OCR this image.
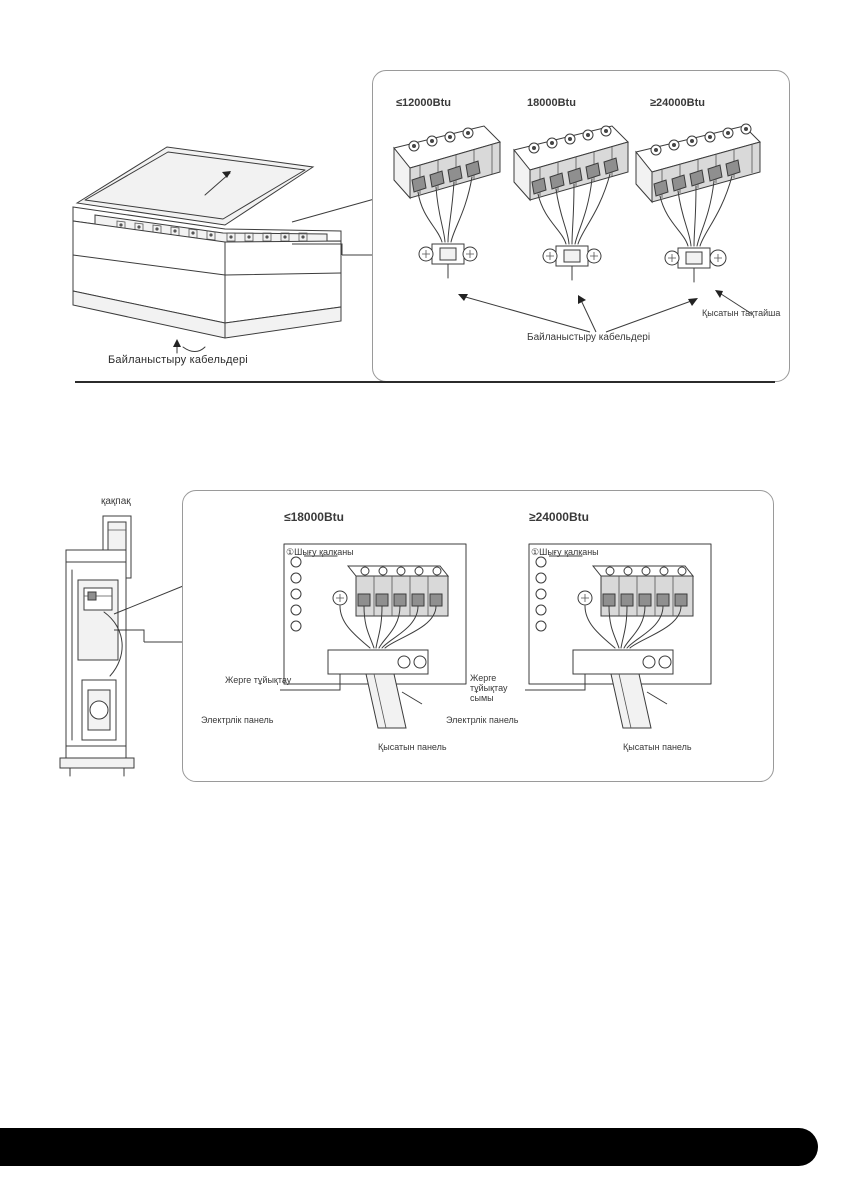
Байланыстыру кабельдері
≤12000Btu	18000Btu	≥24000Btu
Байланыстыру кабельдері
Қысатын тақтайша
қақпақ
≤18000Btu
①Шығу қалқаны
Жерге тұйықтау
Электрлік панель
Қысатын панель
≥24000Btu
①Шығу қалқаны
Жерге тұйықтау сымы
Электрлік панель
Қысатын панель
